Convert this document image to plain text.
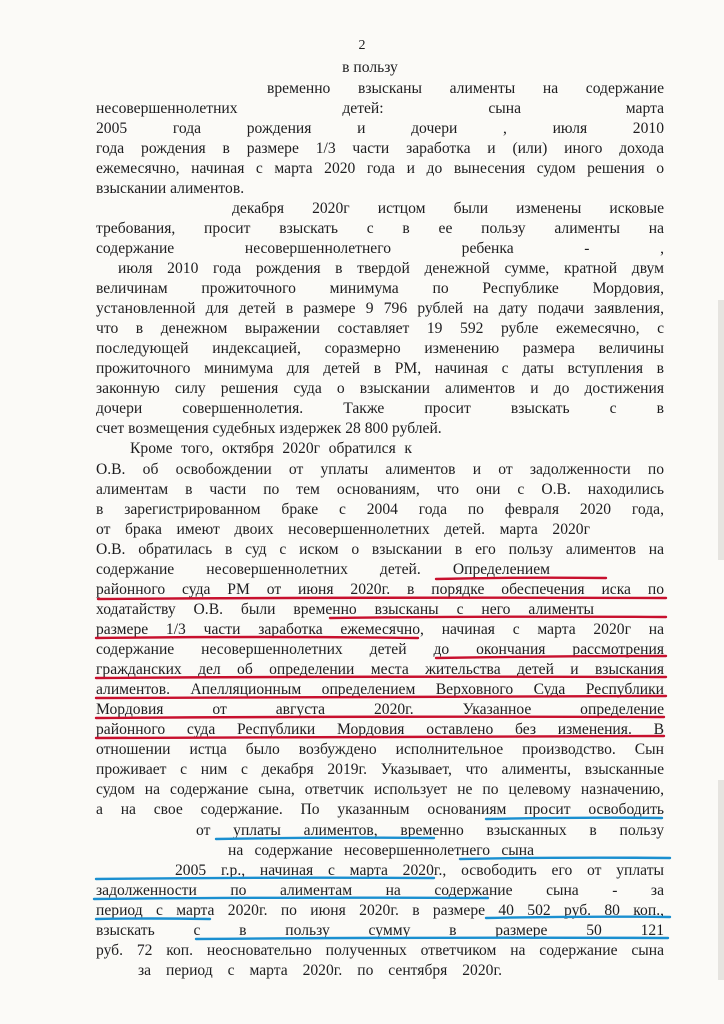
2
в пользу
временно взысканы алименты на содержание
несовершеннолетних детей: сына марта
2005 года рождения и дочери , июля 2010
года рождения в размере 1/3 части заработка и (или) иного дохода
ежемесячно, начиная с марта 2020 года и до вынесения судом решения о
взыскании алиментов.
декабря 2020г истцом были изменены исковые
требования, просит взыскать с в ее пользу алименты на
содержание несовершеннолетнего ребенка - ,
июля 2010 года рождения в твердой денежной сумме, кратной двум
величинам прожиточного минимума по Республике Мордовия,
установленной для детей в размере 9 796 рублей на дату подачи заявления,
что в денежном выражении составляет 19 592 рубле ежемесячно, с
последующей индексацией, соразмерно изменению размера величины
прожиточного минимума для детей в РМ, начиная с даты вступления в
законную силу решения суда о взыскании алиментов и до достижения
дочери совершеннолетия. Также просит взыскать с в
счет возмещения судебных издержек 28 800 рублей.
Кроме того, октября 2020г обратился к
О.В. об освобождении от уплаты алиментов и от задолженности по
алиментам в части по тем основаниям, что они с О.В. находились
в зарегистрированном браке с 2004 года по февраля 2020 года,
от брака имеют двоих несовершеннолетних детей. марта 2020г
О.В. обратилась в суд с иском о взыскании в его пользу алиментов на
содержание несовершеннолетних детей. Определением
районного суда РМ от июня 2020г. в порядке обеспечения иска по
ходатайству О.В. были временно взысканы с него алименты
размере 1/3 части заработка ежемесячно, начиная с марта 2020г на
содержание несовершеннолетних детей до окончания рассмотрения
гражданских дел об определении места жительства детей и взыскания
алиментов. Апелляционным определением Верховного Суда Республики
Мордовия от августа 2020г. Указанное определение
районного суда Республики Мордовия оставлено без изменения. В
отношении истца было возбуждено исполнительное производство. Сын
проживает с ним с декабря 2019г. Указывает, что алименты, взысканные
судом на содержание сына, ответчик использует не по целевому назначению,
а на свое содержание. По указанным основаниям просит освободить
от уплаты алиментов, временно взысканных в пользу
на содержание несовершеннолетнего сына
2005 г.р., начиная с марта 2020г., освободить его от уплаты
задолженности по алиментам на содержание сына - за
период с марта 2020г. по июня 2020г. в размере 40 502 руб. 80 коп.,
взыскать с в пользу сумму в размере 50 121
руб. 72 коп. неосновательно полученных ответчиком на содержание сына
за период с марта 2020г. по сентября 2020г.
